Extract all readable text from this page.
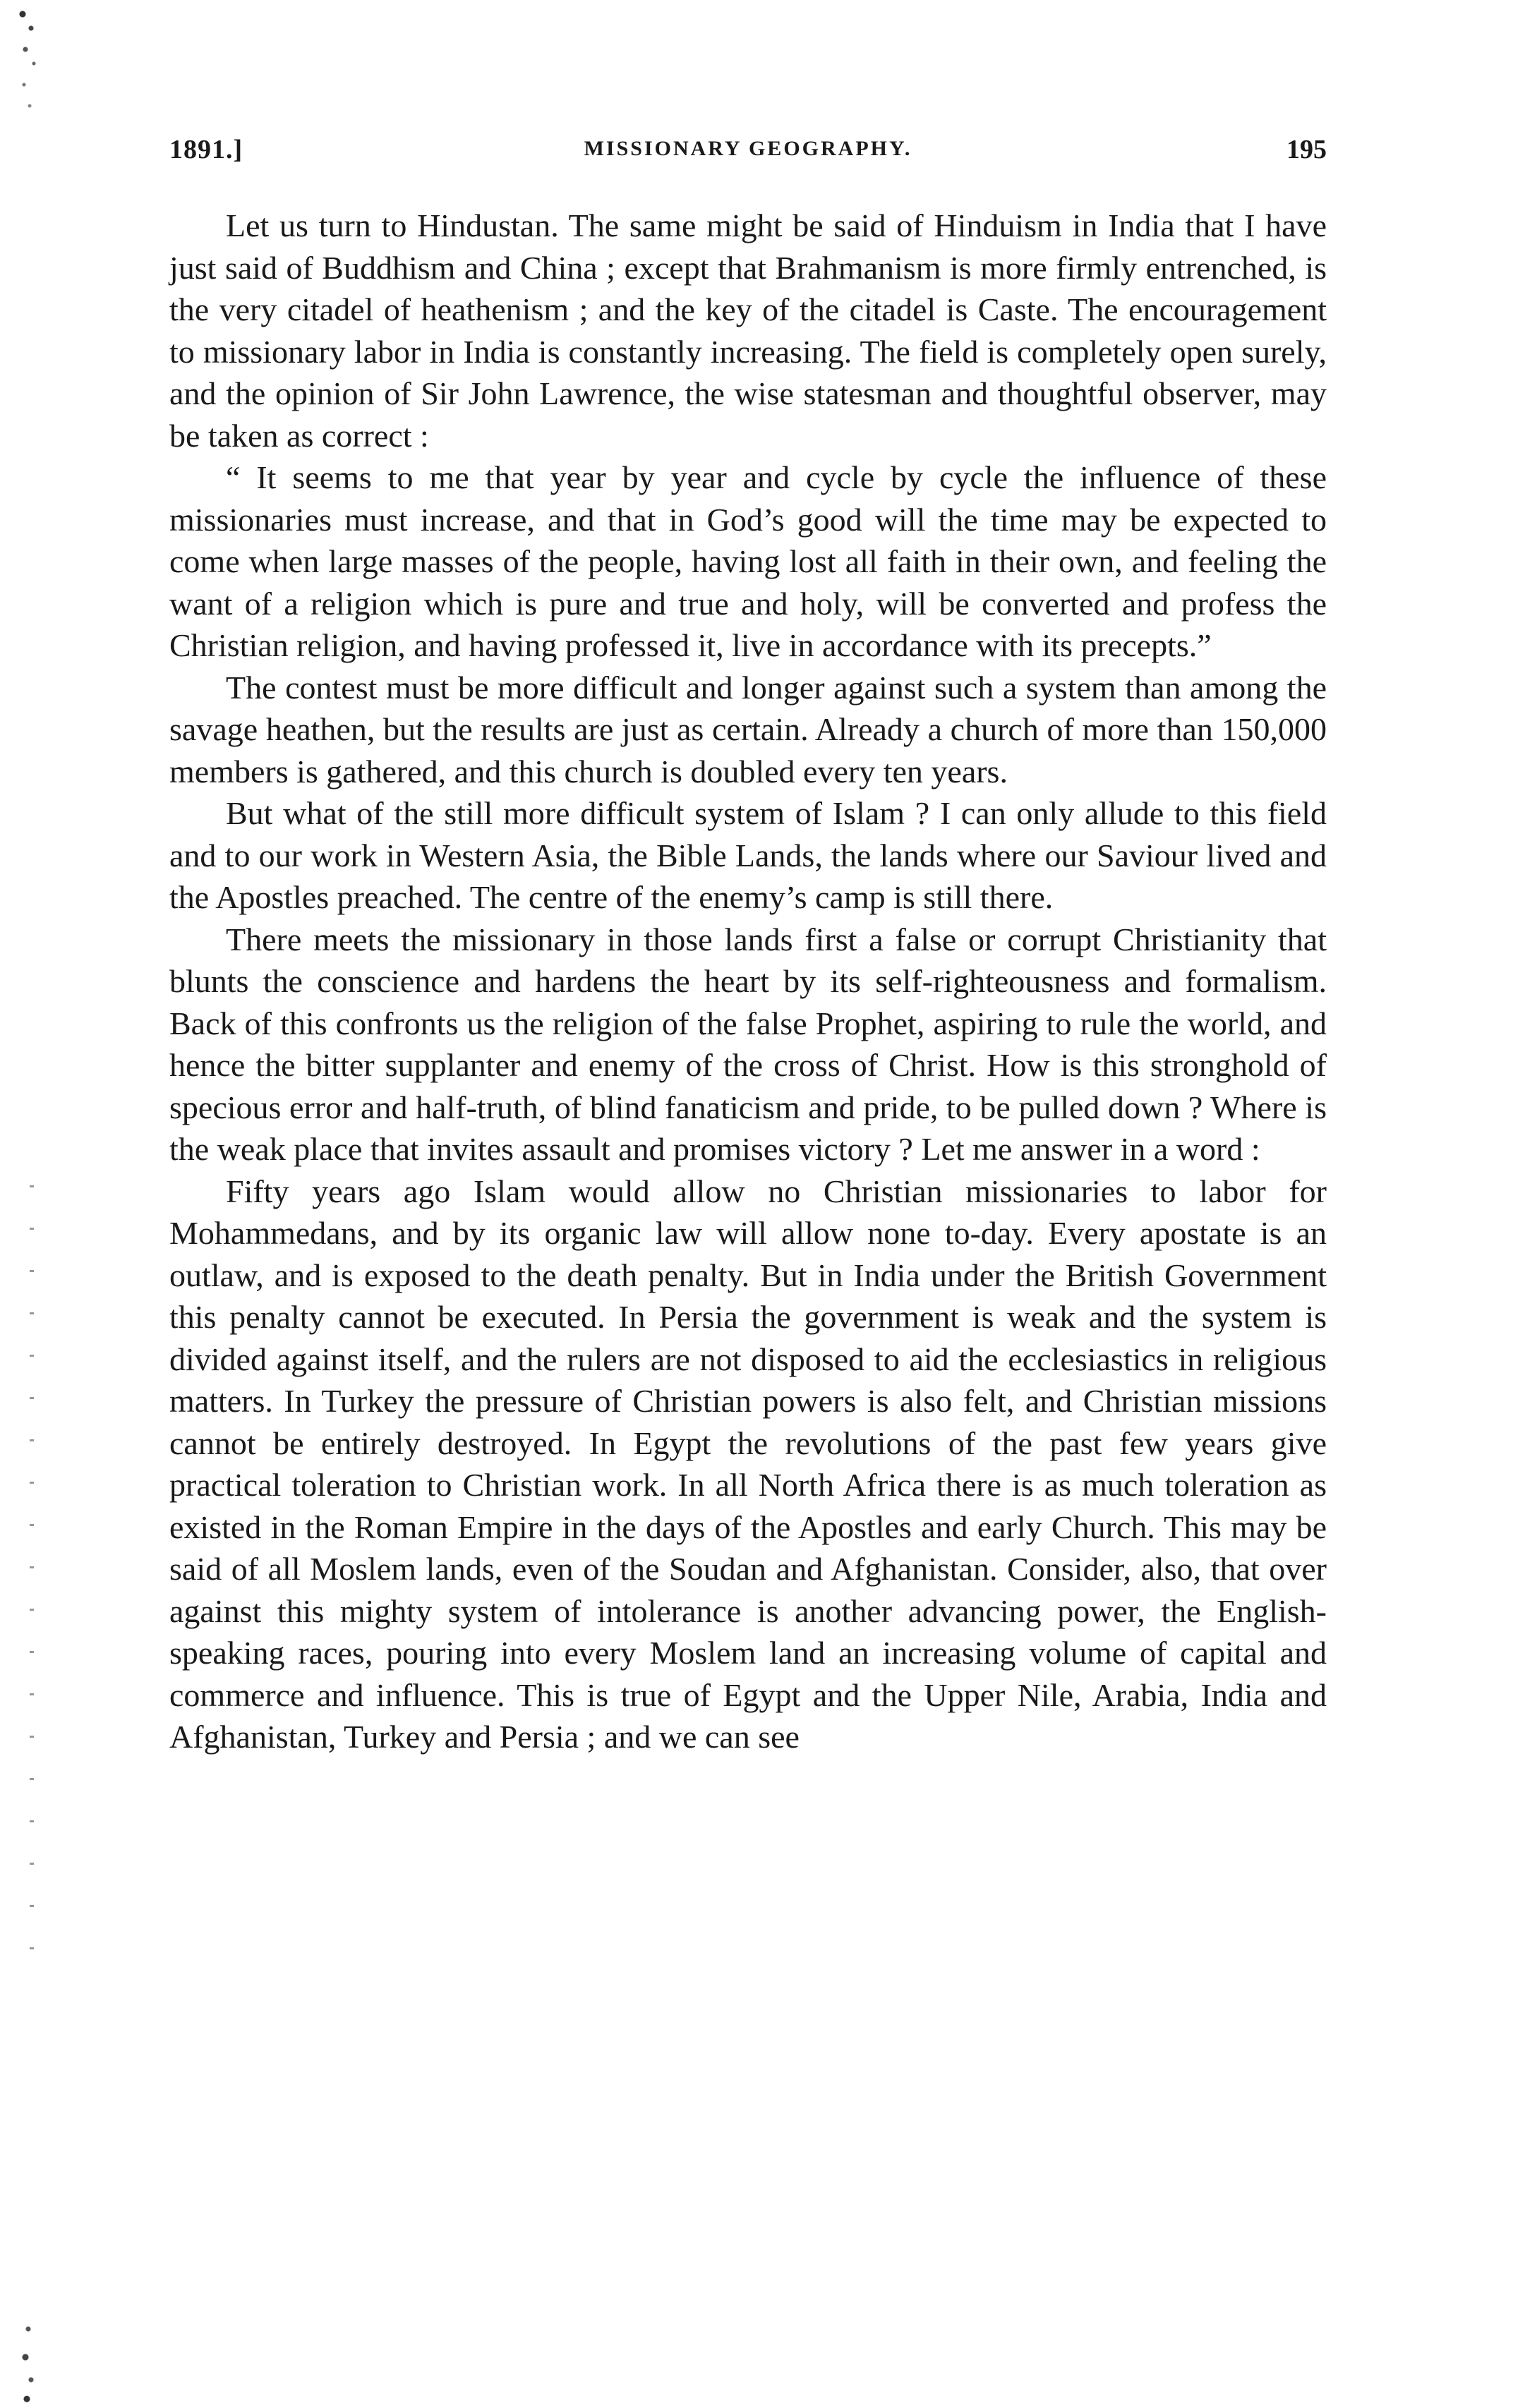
1891.]	MISSIONARY GEOGRAPHY.	195

Let us turn to Hindustan. The same might be said of Hinduism in India that I have just said of Buddhism and China ; except that Brahmanism is more firmly entrenched, is the very citadel of heathenism ; and the key of the citadel is Caste. The encouragement to missionary labor in India is constantly increasing. The field is completely open surely, and the opinion of Sir John Lawrence, the wise statesman and thoughtful observer, may be taken as correct :

“ It seems to me that year by year and cycle by cycle the influence of these missionaries must increase, and that in God’s good will the time may be expected to come when large masses of the people, having lost all faith in their own, and feeling the want of a religion which is pure and true and holy, will be converted and profess the Christian religion, and having professed it, live in accordance with its precepts.”

The contest must be more difficult and longer against such a system than among the savage heathen, but the results are just as certain. Already a church of more than 150,000 members is gathered, and this church is doubled every ten years.

But what of the still more difficult system of Islam ? I can only allude to this field and to our work in Western Asia, the Bible Lands, the lands where our Saviour lived and the Apostles preached. The centre of the enemy’s camp is still there.

There meets the missionary in those lands first a false or corrupt Christianity that blunts the conscience and hardens the heart by its self-righteousness and formalism. Back of this confronts us the religion of the false Prophet, aspiring to rule the world, and hence the bitter supplanter and enemy of the cross of Christ. How is this stronghold of specious error and half-truth, of blind fanaticism and pride, to be pulled down ? Where is the weak place that invites assault and promises victory ? Let me answer in a word :

Fifty years ago Islam would allow no Christian missionaries to labor for Mohammedans, and by its organic law will allow none to-day. Every apostate is an outlaw, and is exposed to the death penalty. But in India under the British Government this penalty cannot be executed. In Persia the government is weak and the system is divided against itself, and the rulers are not disposed to aid the ecclesiastics in religious matters. In Turkey the pressure of Christian powers is also felt, and Christian missions cannot be entirely destroyed. In Egypt the revolutions of the past few years give practical toleration to Christian work. In all North Africa there is as much toleration as existed in the Roman Empire in the days of the Apostles and early Church. This may be said of all Moslem lands, even of the Soudan and Afghanistan. Consider, also, that over against this mighty system of intolerance is another advancing power, the English-speaking races, pouring into every Moslem land an increasing volume of capital and commerce and influence. This is true of Egypt and the Upper Nile, Arabia, India and Afghanistan, Turkey and Persia ; and we can see
